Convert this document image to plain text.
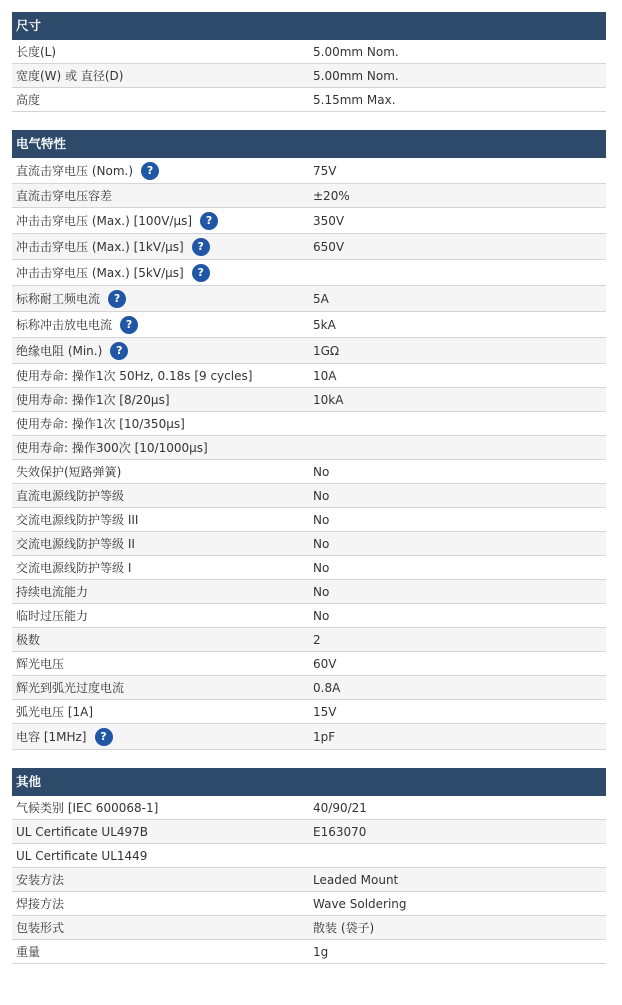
尺寸
长度(L)	5.00mm Nom.
宽度(W) 或 直径(D)	5.00mm Nom.
高度	5.15mm Max.
电气特性
直流击穿电压 (Nom.)	?	75V
直流击穿电压容差	±20%
冲击击穿电压 (Max.) [100V/µs]	?	350V
冲击击穿电压 (Max.) [1kV/µs]	?	650V
冲击击穿电压 (Max.) [5kV/µs]	?
标称耐工频电流	?	5A
标称冲击放电电流	?	5kA
绝缘电阻 (Min.)	?	1GΩ
使用寿命: 操作1次 50Hz, 0.18s [9 cycles]	10A
使用寿命: 操作1次 [8/20µs]	10kA
使用寿命: 操作1次 [10/350µs]
使用寿命: 操作300次 [10/1000µs]
失效保护(短路弹簧)	No
直流电源线防护等级	No
交流电源线防护等级 III	No
交流电源线防护等级 II	No
交流电源线防护等级 I	No
持续电流能力	No
临时过压能力	No
极数	2
辉光电压	60V
辉光到弧光过度电流	0.8A
弧光电压 [1A]	15V
电容 [1MHz]	?	1pF
其他
气候类别 [IEC 600068-1]	40/90/21
UL Certificate UL497B	E163070
UL Certificate UL1449
安装方法	Leaded Mount
焊接方法	Wave Soldering
包装形式	散装 (袋子)
重量	1g
